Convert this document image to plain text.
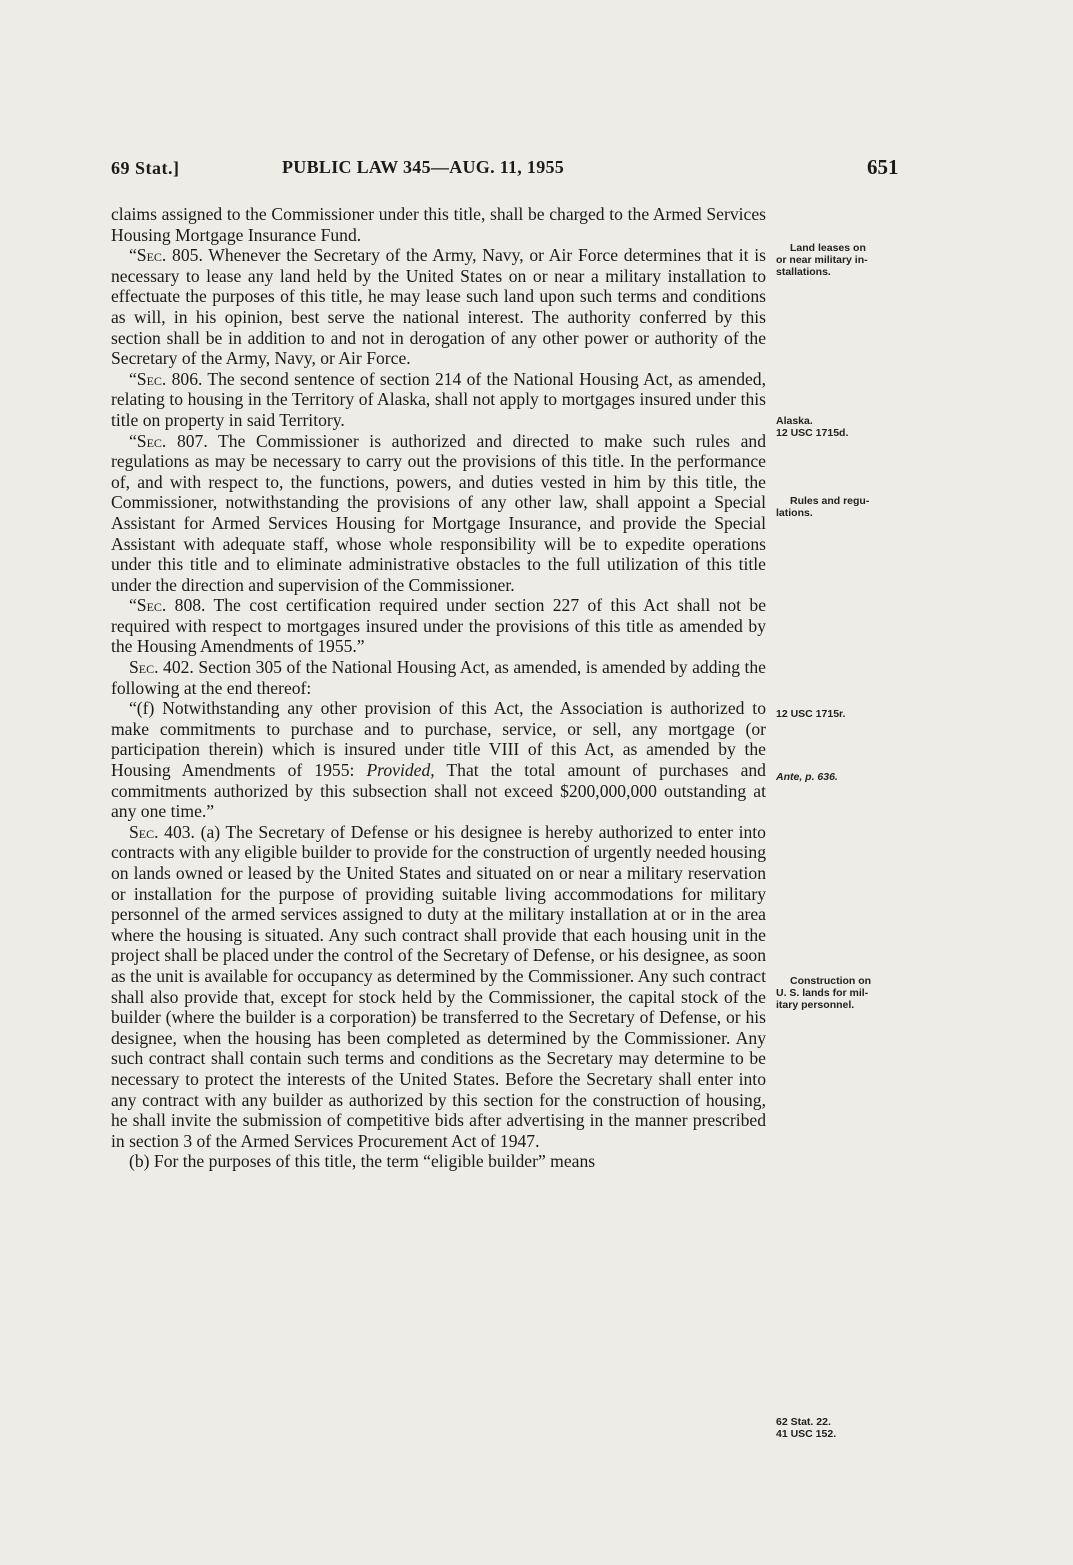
69 Stat.]	PUBLIC LAW 345—AUG. 11, 1955	651

claims assigned to the Commissioner under this title, shall be charged to the Armed Services Housing Mortgage Insurance Fund.

“Sec. 805. Whenever the Secretary of the Army, Navy, or Air Force determines that it is necessary to lease any land held by the United States on or near a military installation to effectuate the purposes of this title, he may lease such land upon such terms and conditions as will, in his opinion, best serve the national interest. The authority conferred by this section shall be in addition to and not in derogation of any other power or authority of the Secretary of the Army, Navy, or Air Force.

“Sec. 806. The second sentence of section 214 of the National Housing Act, as amended, relating to housing in the Territory of Alaska, shall not apply to mortgages insured under this title on property in said Territory.

“Sec. 807. The Commissioner is authorized and directed to make such rules and regulations as may be necessary to carry out the provisions of this title. In the performance of, and with respect to, the functions, powers, and duties vested in him by this title, the Commissioner, notwithstanding the provisions of any other law, shall appoint a Special Assistant for Armed Services Housing for Mortgage Insurance, and provide the Special Assistant with adequate staff, whose whole responsibility will be to expedite operations under this title and to eliminate administrative obstacles to the full utilization of this title under the direction and supervision of the Commissioner.

“Sec. 808. The cost certification required under section 227 of this Act shall not be required with respect to mortgages insured under the provisions of this title as amended by the Housing Amendments of 1955.”

Sec. 402. Section 305 of the National Housing Act, as amended, is amended by adding the following at the end thereof:

“(f) Notwithstanding any other provision of this Act, the Association is authorized to make commitments to purchase and to purchase, service, or sell, any mortgage (or participation therein) which is insured under title VIII of this Act, as amended by the Housing Amendments of 1955: Provided, That the total amount of purchases and commitments authorized by this subsection shall not exceed $200,000,000 outstanding at any one time.”

Sec. 403. (a) The Secretary of Defense or his designee is hereby authorized to enter into contracts with any eligible builder to provide for the construction of urgently needed housing on lands owned or leased by the United States and situated on or near a military reservation or installation for the purpose of providing suitable living accommodations for military personnel of the armed services assigned to duty at the military installation at or in the area where the housing is situated. Any such contract shall provide that each housing unit in the project shall be placed under the control of the Secretary of Defense, or his designee, as soon as the unit is available for occupancy as determined by the Commissioner. Any such contract shall also provide that, except for stock held by the Commissioner, the capital stock of the builder (where the builder is a corporation) be transferred to the Secretary of Defense, or his designee, when the housing has been completed as determined by the Commissioner. Any such contract shall contain such terms and conditions as the Secretary may determine to be necessary to protect the interests of the United States. Before the Secretary shall enter into any contract with any builder as authorized by this section for the construction of housing, he shall invite the submission of competitive bids after advertising in the manner prescribed in section 3 of the Armed Services Procurement Act of 1947.

(b) For the purposes of this title, the term “eligible builder” means

Land leases on
or near military in-
stallations.
Alaska.
12 USC 1715d.
Rules and regu-
lations.
12 USC 1715r.
Ante, p. 636.
Construction on
U. S. lands for mil-
itary personnel.
62 Stat. 22.
41 USC 152.
